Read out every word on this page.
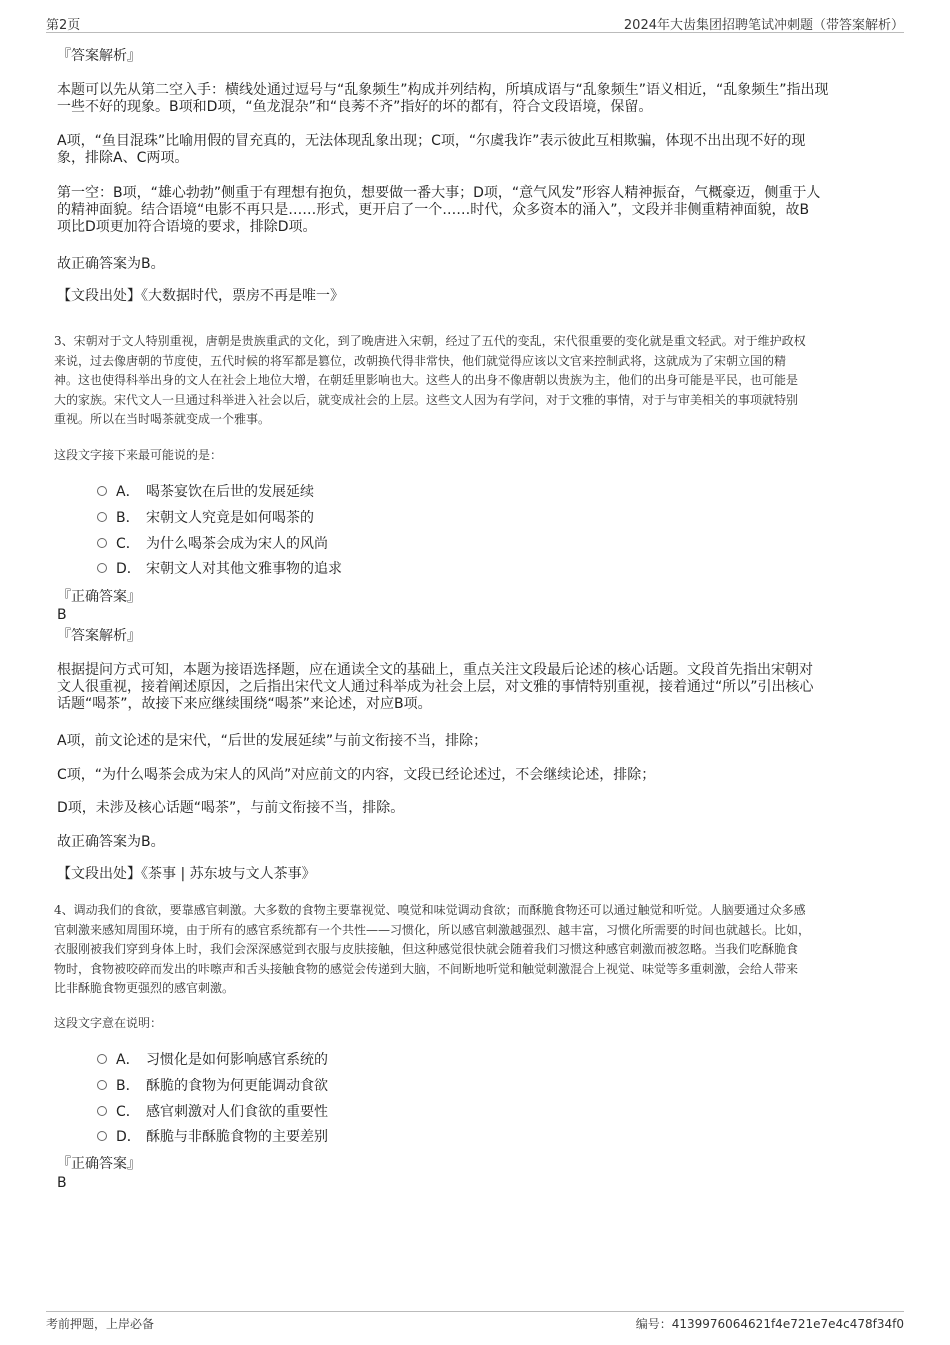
第2页	2024年大齿集团招聘笔试冲刺题（带答案解析）
『答案解析』
本题可以先从第二空入手：横线处通过逗号与“乱象频生”构成并列结构，所填成语与“乱象频生”语义相近，“乱象频生”指出现
一些不好的现象。B项和D项，“鱼龙混杂”和“良莠不齐”指好的坏的都有，符合文段语境，保留。
A项，“鱼目混珠”比喻用假的冒充真的，无法体现乱象出现；C项，“尔虞我诈”表示彼此互相欺骗，体现不出出现不好的现
象，排除A、C两项。
第一空：B项，“雄心勃勃”侧重于有理想有抱负，想要做一番大事；D项，“意气风发”形容人精神振奋，气概豪迈，侧重于人
的精神面貌。结合语境“电影不再只是……形式，更开启了一个……时代，众多资本的涌入”，文段并非侧重精神面貌，故B
项比D项更加符合语境的要求，排除D项。
故正确答案为B。
【文段出处】《大数据时代，票房不再是唯一》
3、宋朝对于文人特别重视，唐朝是贵族重武的文化，到了晚唐进入宋朝，经过了五代的变乱，宋代很重要的变化就是重文轻武。对于维护政权
来说，过去像唐朝的节度使，五代时候的将军都是篡位，改朝换代得非常快，他们就觉得应该以文官来控制武将，这就成为了宋朝立国的精
神。这也使得科举出身的文人在社会上地位大增，在朝廷里影响也大。这些人的出身不像唐朝以贵族为主，他们的出身可能是平民，也可能是
大的家族。宋代文人一旦通过科举进入社会以后，就变成社会的上层。这些文人因为有学问，对于文雅的事情，对于与审美相关的事项就特别
重视。所以在当时喝茶就变成一个雅事。
这段文字接下来最可能说的是：
A． 喝茶宴饮在后世的发展延续
B． 宋朝文人究竟是如何喝茶的
C． 为什么喝茶会成为宋人的风尚
D． 宋朝文人对其他文雅事物的追求
『正确答案』
B
『答案解析』
根据提问方式可知，本题为接语选择题，应在通读全文的基础上，重点关注文段最后论述的核心话题。文段首先指出宋朝对
文人很重视，接着阐述原因，之后指出宋代文人通过科举成为社会上层，对文雅的事情特别重视，接着通过“所以”引出核心
话题“喝茶”，故接下来应继续围绕“喝茶”来论述，对应B项。
A项，前文论述的是宋代，“后世的发展延续”与前文衔接不当，排除；
C项，“为什么喝茶会成为宋人的风尚”对应前文的内容，文段已经论述过，不会继续论述，排除；
D项，未涉及核心话题“喝茶”，与前文衔接不当，排除。
故正确答案为B。
【文段出处】《茶事 | 苏东坡与文人茶事》
4、调动我们的食欲，要靠感官刺激。大多数的食物主要靠视觉、嗅觉和味觉调动食欲；而酥脆食物还可以通过触觉和听觉。人脑要通过众多感
官刺激来感知周围环境，由于所有的感官系统都有一个共性——习惯化，所以感官刺激越强烈、越丰富，习惯化所需要的时间也就越长。比如，
衣服刚被我们穿到身体上时，我们会深深感觉到衣服与皮肤接触，但这种感觉很快就会随着我们习惯这种感官刺激而被忽略。当我们吃酥脆食
物时，食物被咬碎而发出的咔嚓声和舌头接触食物的感觉会传递到大脑，不间断地听觉和触觉刺激混合上视觉、味觉等多重刺激，会给人带来
比非酥脆食物更强烈的感官刺激。
这段文字意在说明：
A． 习惯化是如何影响感官系统的
B． 酥脆的食物为何更能调动食欲
C． 感官刺激对人们食欲的重要性
D． 酥脆与非酥脆食物的主要差别
『正确答案』
B
考前押题，上岸必备	编号：4139976064621f4e721e7e4c478f34f0
